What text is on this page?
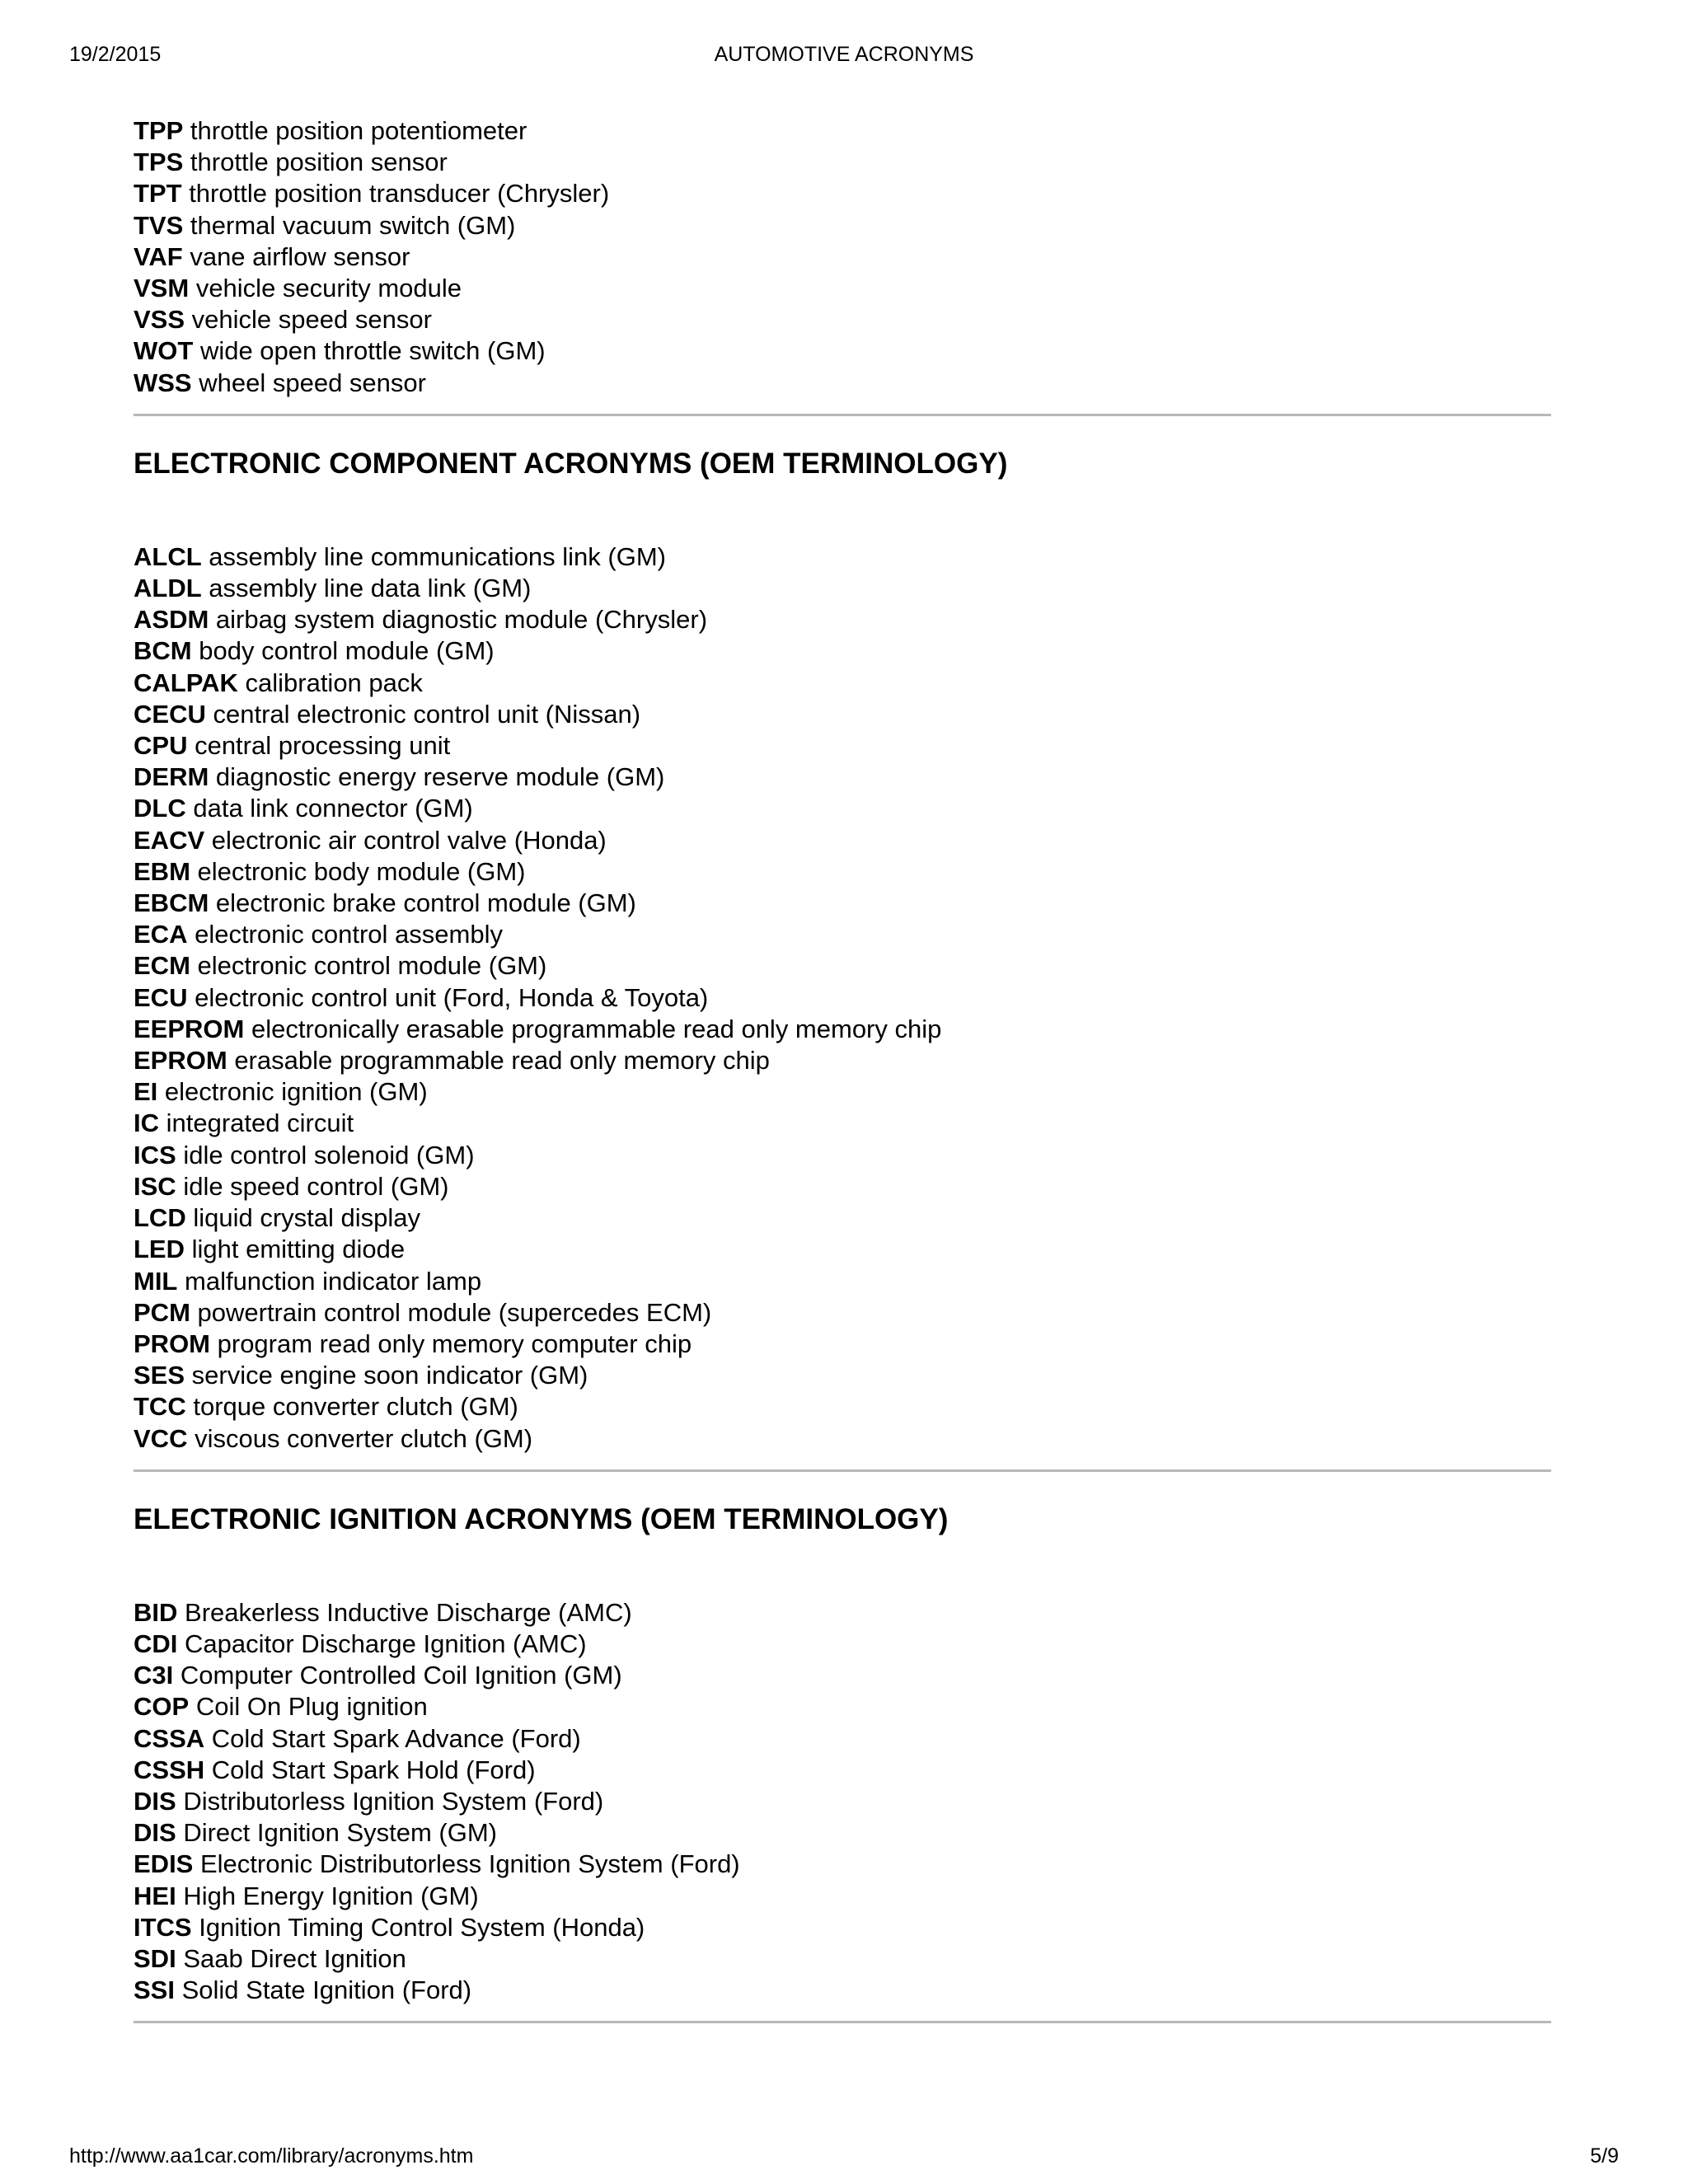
19/2/2015	AUTOMOTIVE ACRONYMS
TPP throttle position potentiometer
TPS throttle position sensor
TPT throttle position transducer (Chrysler)
TVS thermal vacuum switch (GM)
VAF vane airflow sensor
VSM vehicle security module
VSS vehicle speed sensor
WOT wide open throttle switch (GM)
WSS wheel speed sensor
ELECTRONIC COMPONENT ACRONYMS (OEM TERMINOLOGY)
ALCL assembly line communications link (GM)
ALDL assembly line data link (GM)
ASDM airbag system diagnostic module (Chrysler)
BCM body control module (GM)
CALPAK calibration pack
CECU central electronic control unit (Nissan)
CPU central processing unit
DERM diagnostic energy reserve module (GM)
DLC data link connector (GM)
EACV electronic air control valve (Honda)
EBM electronic body module (GM)
EBCM electronic brake control module (GM)
ECA electronic control assembly
ECM electronic control module (GM)
ECU electronic control unit (Ford, Honda & Toyota)
EEPROM electronically erasable programmable read only memory chip
EPROM erasable programmable read only memory chip
EI electronic ignition (GM)
IC integrated circuit
ICS idle control solenoid (GM)
ISC idle speed control (GM)
LCD liquid crystal display
LED light emitting diode
MIL malfunction indicator lamp
PCM powertrain control module (supercedes ECM)
PROM program read only memory computer chip
SES service engine soon indicator (GM)
TCC torque converter clutch (GM)
VCC viscous converter clutch (GM)
ELECTRONIC IGNITION ACRONYMS (OEM TERMINOLOGY)
BID Breakerless Inductive Discharge (AMC)
CDI Capacitor Discharge Ignition (AMC)
C3I Computer Controlled Coil Ignition (GM)
COP Coil On Plug ignition
CSSA Cold Start Spark Advance (Ford)
CSSH Cold Start Spark Hold (Ford)
DIS Distributorless Ignition System (Ford)
DIS Direct Ignition System (GM)
EDIS Electronic Distributorless Ignition System (Ford)
HEI High Energy Ignition (GM)
ITCS Ignition Timing Control System (Honda)
SDI Saab Direct Ignition
SSI Solid State Ignition (Ford)
http://www.aa1car.com/library/acronyms.htm	5/9
